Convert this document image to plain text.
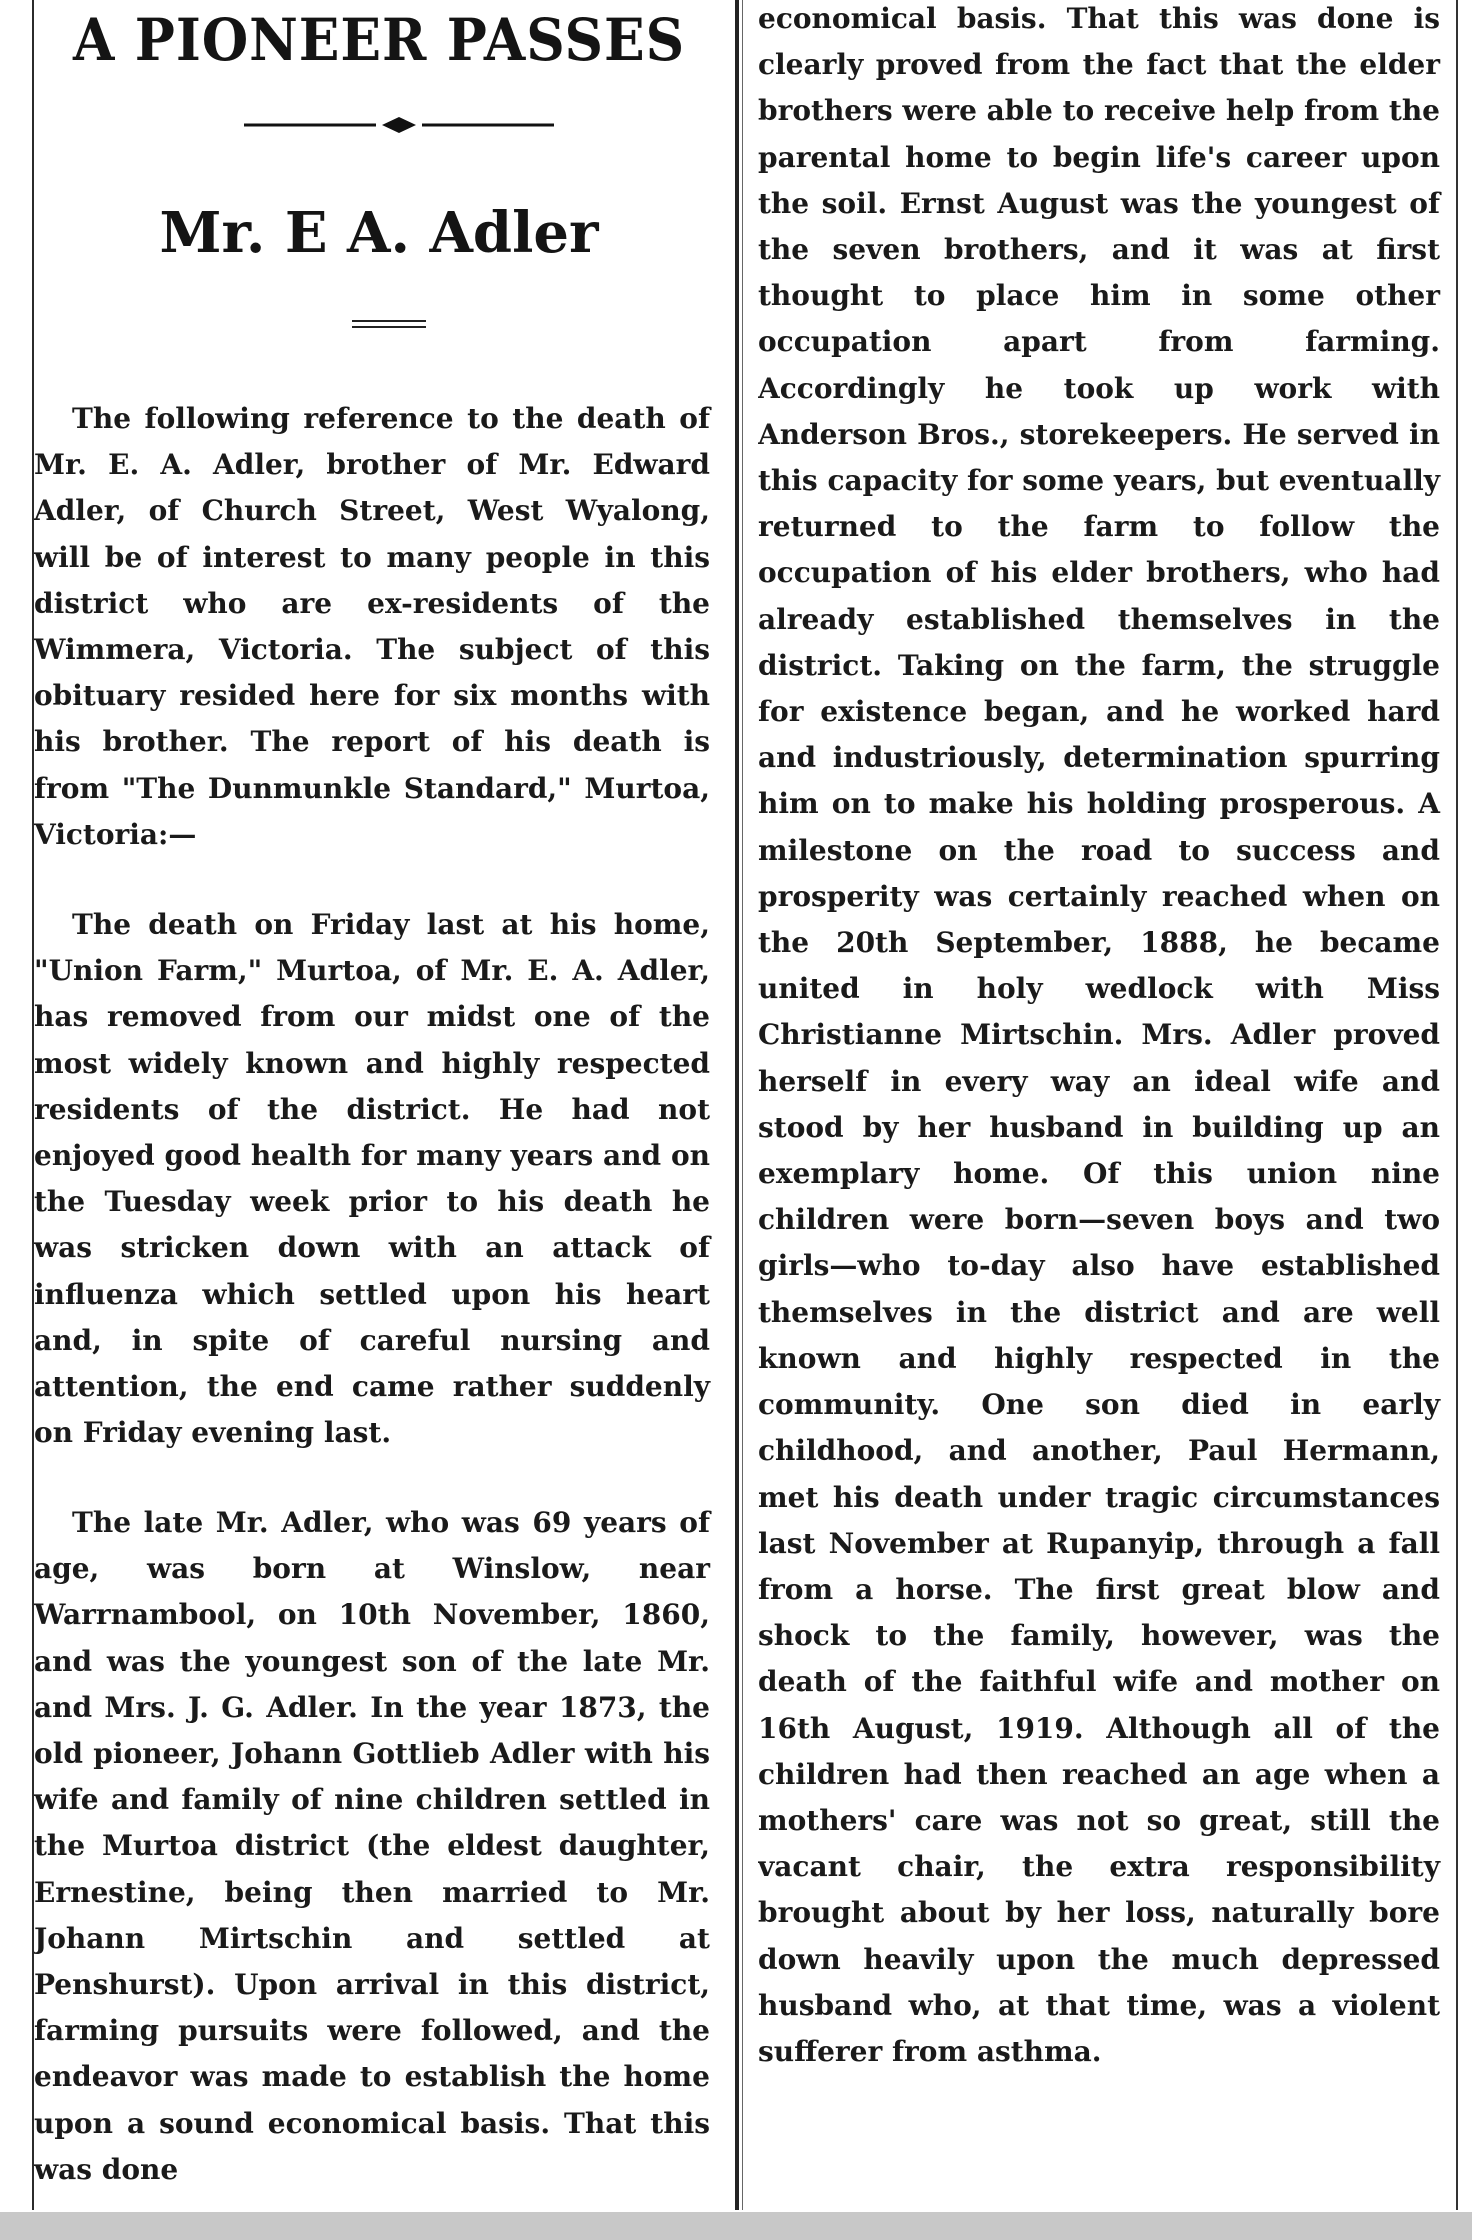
A PIONEER PASSES
Mr. E A. Adler

The following reference to the death of Mr. E. A. Adler, brother of Mr. Edward Adler, of Church Street, West Wyalong, will be of interest to many people in this district who are ex-residents of the Wimmera, Victoria. The subject of this obituary resided here for six months with his brother. The report of his death is from "The Dunmunkle Standard," Murtoa, Victoria:—

The death on Friday last at his home, "Union Farm," Murtoa, of Mr. E. A. Adler, has removed from our midst one of the most widely known and highly respected residents of the district. He had not enjoyed good health for many years and on the Tuesday week prior to his death he was stricken down with an attack of influenza which settled upon his heart and, in spite of careful nursing and attention, the end came rather suddenly on Friday evening last.

The late Mr. Adler, who was 69 years of age, was born at Winslow, near Warrnambool, on 10th November, 1860, and was the youngest son of the late Mr. and Mrs. J. G. Adler. In the year 1873, the old pioneer, Johann Gottlieb Adler with his wife and family of nine children settled in the Murtoa district (the eldest daughter, Ernestine, being then married to Mr. Johann Mirtschin and settled at Penshurst). Upon arrival in this district, farming pursuits were followed, and the endeavor was made to establish the home upon a sound economical basis. That this was done

economical basis. That this was done is clearly proved from the fact that the elder brothers were able to receive help from the parental home to begin life's career upon the soil. Ernst August was the youngest of the seven brothers, and it was at first thought to place him in some other occupation apart from farming. Accordingly he took up work with Anderson Bros., storekeepers. He served in this capacity for some years, but eventually returned to the farm to follow the occupation of his elder brothers, who had already established themselves in the district. Taking on the farm, the struggle for existence began, and he worked hard and industriously, determination spurring him on to make his holding prosperous. A milestone on the road to success and prosperity was certainly reached when on the 20th September, 1888, he became united in holy wedlock with Miss Christianne Mirtschin. Mrs. Adler proved herself in every way an ideal wife and stood by her husband in building up an exemplary home. Of this union nine children were born—seven boys and two girls—who to-day also have established themselves in the district and are well known and highly respected in the community. One son died in early childhood, and another, Paul Hermann, met his death under tragic circumstances last November at Rupanyip, through a fall from a horse. The first great blow and shock to the family, however, was the death of the faithful wife and mother on 16th August, 1919. Although all of the children had then reached an age when a mothers' care was not so great, still the vacant chair, the extra responsibility brought about by her loss, naturally bore down heavily upon the much depressed husband who, at that time, was a violent sufferer from asthma.
